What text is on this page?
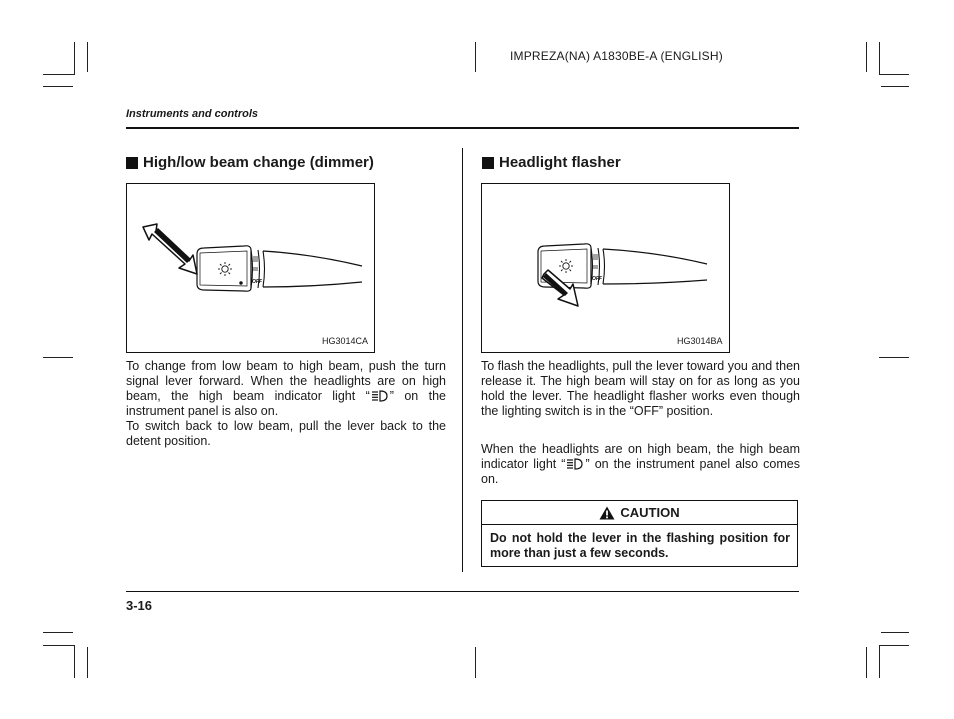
IMPREZA(NA) A1830BE-A (ENGLISH)
Instruments and controls
High/low beam change (dimmer)
OFF
HG3014CA

To change from low beam to high beam, push the turn signal lever forward. When the headlights are on high beam, the high beam indicator light “ ” on the instrument panel is also on.

To switch back to low beam, pull the lever back to the detent position.

Headlight flasher
OFF
HG3014BA

To flash the headlights, pull the lever toward you and then release it. The high beam will stay on for as long as you hold the lever. The headlight flasher works even though the lighting switch is in the “OFF” position.

When the headlights are on high beam, the high beam indicator light “ ” on the instrument panel also comes on.

CAUTION
Do not hold the lever in the flashing position for more than just a few seconds.
3-16
